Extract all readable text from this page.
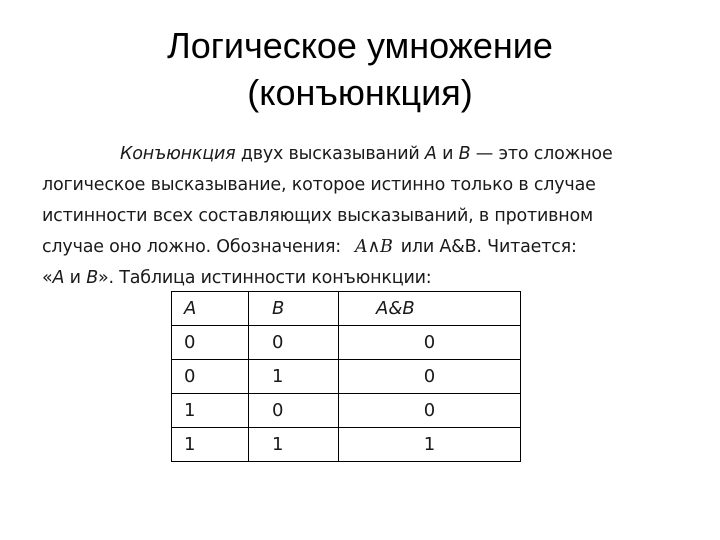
Логическое умножение
(конъюнкция)
Конъюнкция двух высказываний A и B — это сложное
логическое высказывание, которое истинно только в случае
истинности всех составляющих высказываний, в противном
случае оно ложно. Обозначения: A∧B или A&B. Читается:
«A и B». Таблица истинности конъюнкции:
A	B	A&B
0	0	0
0	1	0
1	0	0
1	1	1
